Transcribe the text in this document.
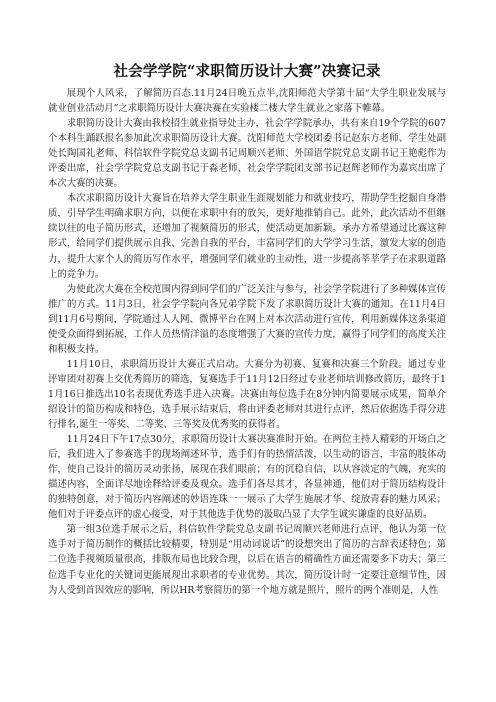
社会学学院“求职简历设计大赛”决赛记录

展现个人风采，了解简历百态.11月24日晚五点半,沈阳师范大学第十届“大学生职业发展与就业创业活动月”之求职简历设计大赛决赛在实验楼二楼大学生就业之家落下帷幕。

求职简历设计大赛由我校招生就业指导处主办，社会学学院承办，共有来自19个学院的607个本科生踊跃报名参加此次求职简历设计大赛。沈阳师范大学校团委书记赵东方老师、学生处副处长陶国礼老师、科信软件学院党总支副书记周顺兴老师、外国语学院党总支副书记王艳彪作为评委出席，社会学学院党总支副书记于淼老师、社会学学院团支部书记赵辉老师作为嘉宾出席了本次大赛的决赛。

本次求职简历设计大赛旨在培养大学生职业生涯规划能力和就业技巧，帮助学生挖掘自身潜质，引导学生明确求职方向，以便在求职中有的放矢，更好地推销自己。此外，此次活动不但继续以往的电子简历形式，还增加了视频简历的形式，使活动更加新颖。承办方希望通过比赛这种形式，给同学们提供展示自我、完善自我的平台，丰富同学们的大学学习生活，激发大家的创造力，提升大家个人的简历写作水平，增强同学们就业的主动性，进一步提高莘莘学子在求职道路上的竞争力。

为使此次大赛在全校范围内得到同学们的广泛关注与参与，社会学学院进行了多种媒体宣传推广的方式。11月3日，社会学学院向各兄弟学院下发了求职简历设计大赛的通知。在11月4日到11月6号期间，学院通过人人网、微博平台在网上对本次活动进行宣传，利用新媒体这条渠道使受众面得到拓展，工作人员热情洋溢的态度增强了大赛的宣传力度，赢得了同学们的高度关注和积极支持。

11月10日，求职简历设计大赛正式启动。大赛分为初赛、复赛和决赛三个阶段。通过专业评审团对初赛上交优秀简历的筛选，复赛选手于11月12日经过专业老师培训修改简历，最终于11月16日推选出10名表现优秀选手进入决赛。决赛由每位选手在8分钟内简要展示成果，简单介绍设计的简历构成和特色，选手展示结束后，将由评委老师对其进行点评，然后依据选手得分进行排名,诞生一等奖、二等奖、三等奖及优秀奖的获得者。

11月24日下午17点30分，求职简历设计大赛决赛准时开始。在两位主持人精彩的开场白之后，我们进入了参赛选手的现场阐述环节，选手们有的热情活泼，以生动的语言，丰富的肢体动作，使自己设计的简历灵动张扬，展现在我们眼前；有的沉稳自信，以从容淡定的气魄，充实的描述内容，全面详尽地诠释给评委及观众。选手们各尽其才，各显神通，他们对于简历结构设计的独特创意，对于简历内容阐述的妙语连珠一一展示了大学生施展才华、绽放青春的魅力风采；他们对于评委点评的虚心接受，对于其他选手优势的汲取凸显了大学生诚实谦虚的良好品质。

第一组3位选手展示之后，科信软件学院党总支副书记周顺兴老师进行点评，他认为第一位选手对于简历制作的概括比较精要，特别是“用动词说话”的设想突出了简历的言辞表述特色；第二位选手视频质量很高，排版布局也比较合理，以后在语言的精确性方面还需要多下功夫；第三位选手专业化的关键词更能展现出求职者的专业优势。其次，简历设计时一定要注意细节性，因为人受到首因效应的影响，所以HR考察简历的第一个地方就是照片，照片的两个准则是，人性
